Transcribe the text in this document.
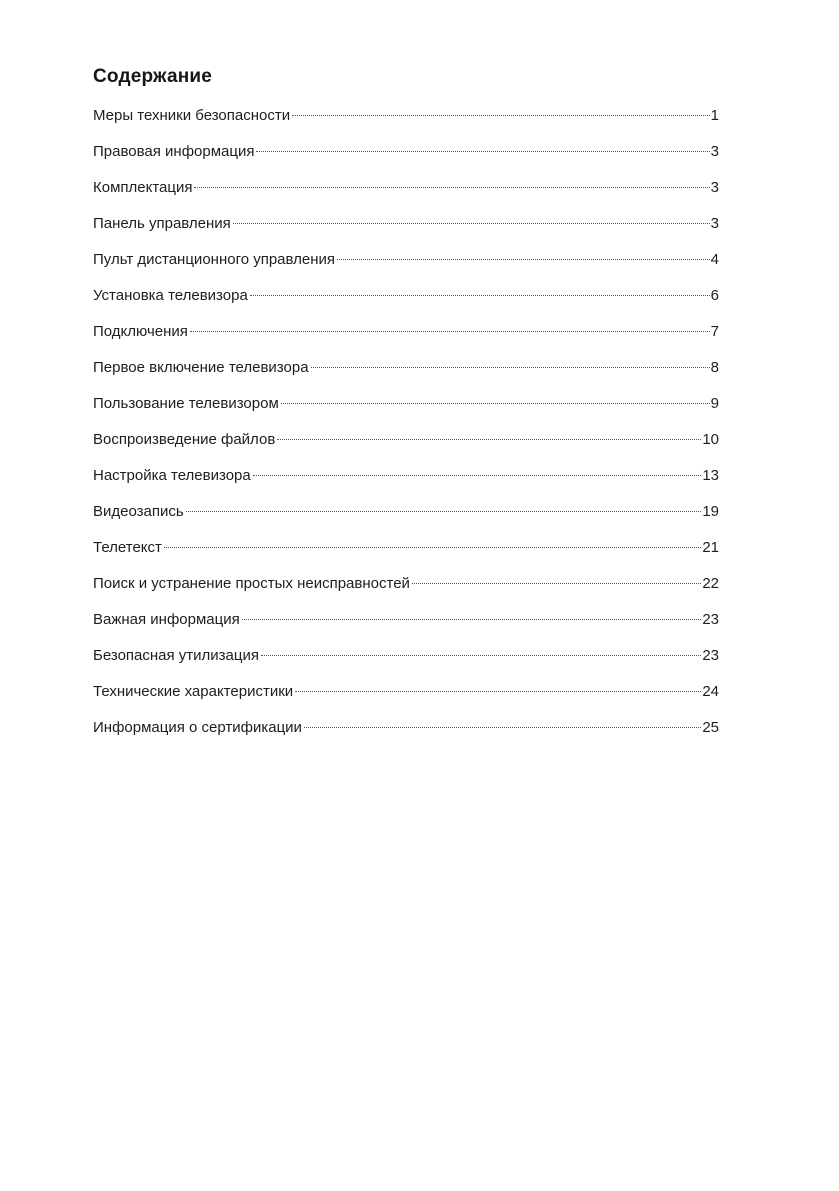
Содержание
Меры техники безопасности	1
Правовая информация	3
Комплектация	3
Панель управления	3
Пульт дистанционного управления	4
Установка телевизора	6
Подключения	7
Первое включение телевизора	8
Пользование телевизором	9
Воспроизведение файлов	10
Настройка телевизора	13
Видеозапись	19
Телетекст	21
Поиск и устранение простых неисправностей	22
Важная информация	23
Безопасная утилизация	23
Технические характеристики	24
Информация о сертификации	25
